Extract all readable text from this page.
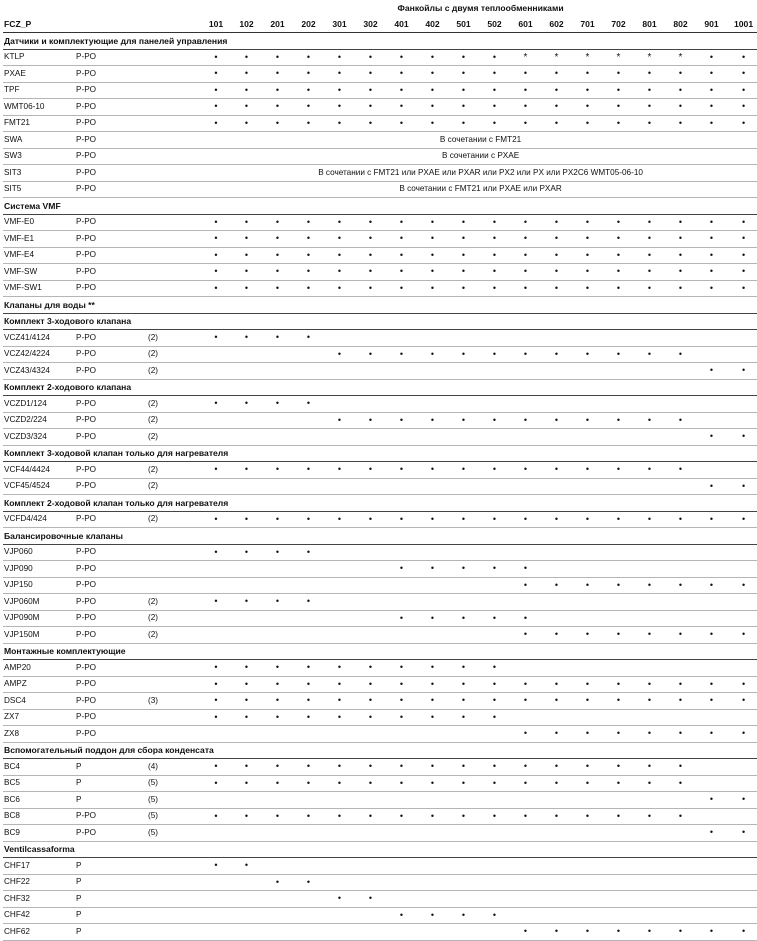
			Фанкойлы с двумя теплообменниками																	
FCZ_P			101	102	201	202	301	302	401	402	501	502	601	602	701	702	801	802	901	1001
Датчики и комплектующие для панелей управления																				
KTLP	P-PO		•	•	•	•	•	•	•	•	•	•	*	*	*	*	*	*	•	•
PXAE	P-PO		•	•	•	•	•	•	•	•	•	•	•	•	•	•	•	•	•	•
TPF	P-PO		•	•	•	•	•	•	•	•	•	•	•	•	•	•	•	•	•	•
WMT06-10	P-PO		•	•	•	•	•	•	•	•	•	•	•	•	•	•	•	•	•	•
FMT21	P-PO		•	•	•	•	•	•	•	•	•	•	•	•	•	•	•	•	•	•
SWA	P-PO		В сочетании с FMT21																	
SW3	P-PO		В сочетании с PXAE																	
SIT3	P-PO		В сочетании с FMT21 или PXAE или PXAR или PX2 или PX или PX2C6 WMT05-06-10																	
SIT5	P-PO		В сочетании с FMT21 или PXAE или PXAR																	
Система VMF																				
VMF-E0	P-PO		•	•	•	•	•	•	•	•	•	•	•	•	•	•	•	•	•	•
VMF-E1	P-PO		•	•	•	•	•	•	•	•	•	•	•	•	•	•	•	•	•	•
VMF-E4	P-PO		•	•	•	•	•	•	•	•	•	•	•	•	•	•	•	•	•	•
VMF-SW	P-PO		•	•	•	•	•	•	•	•	•	•	•	•	•	•	•	•	•	•
VMF-SW1	P-PO		•	•	•	•	•	•	•	•	•	•	•	•	•	•	•	•	•	•
Клапаны для воды **																				
Комплект 3-ходового клапана																				
VCZ41/4124	P-PO	(2)	•	•	•	•														
VCZ42/4224	P-PO	(2)					•	•	•	•	•	•	•	•	•	•	•	•		
VCZ43/4324	P-PO	(2)																	•	•
Комплект 2-ходового клапана																				
VCZD1/124	P-PO	(2)	•	•	•	•														
VCZD2/224	P-PO	(2)					•	•	•	•	•	•	•	•	•	•	•	•		
VCZD3/324	P-PO	(2)																	•	•
Комплект 3-ходовой клапан только для нагревателя																				
VCF44/4424	P-PO	(2)	•	•	•	•	•	•	•	•	•	•	•	•	•	•	•	•		
VCF45/4524	P-PO	(2)																	•	•
Комплект 2-ходовой клапан только для нагревателя																				
VCFD4/424	P-PO	(2)	•	•	•	•	•	•	•	•	•	•	•	•	•	•	•	•	•	•
Балансировочные клапаны																				
VJP060	P-PO		•	•	•	•														
VJP090	P-PO								•	•	•	•	•							
VJP150	P-PO												•	•	•	•	•	•	•	•
VJP060M	P-PO	(2)	•	•	•	•														
VJP090M	P-PO	(2)							•	•	•	•	•							
VJP150M	P-PO	(2)											•	•	•	•	•	•	•	•
Монтажные комплектующие																				
AMP20	P-PO		•	•	•	•	•	•	•	•	•	•								
AMPZ	P-PO		•	•	•	•	•	•	•	•	•	•	•	•	•	•	•	•	•	•
DSC4	P-PO	(3)	•	•	•	•	•	•	•	•	•	•	•	•	•	•	•	•	•	•
ZX7	P-PO		•	•	•	•	•	•	•	•	•	•								
ZX8	P-PO												•	•	•	•	•	•	•	•
Вспомогательный поддон для сбора конденсата																				
BC4	P	(4)	•	•	•	•	•	•	•	•	•	•	•	•	•	•	•	•		
BC5	P	(5)	•	•	•	•	•	•	•	•	•	•	•	•	•	•	•	•		
BC6	P	(5)																	•	•
BC8	P-PO	(5)	•	•	•	•	•	•	•	•	•	•	•	•	•	•	•	•		
BC9	P-PO	(5)																	•	•
Ventilcassaforma																				
CHF17	P		•	•																
CHF22	P				•	•														
CHF32	P						•	•												
CHF42	P								•	•	•	•								
CHF62	P												•	•	•	•	•	•	•	•
